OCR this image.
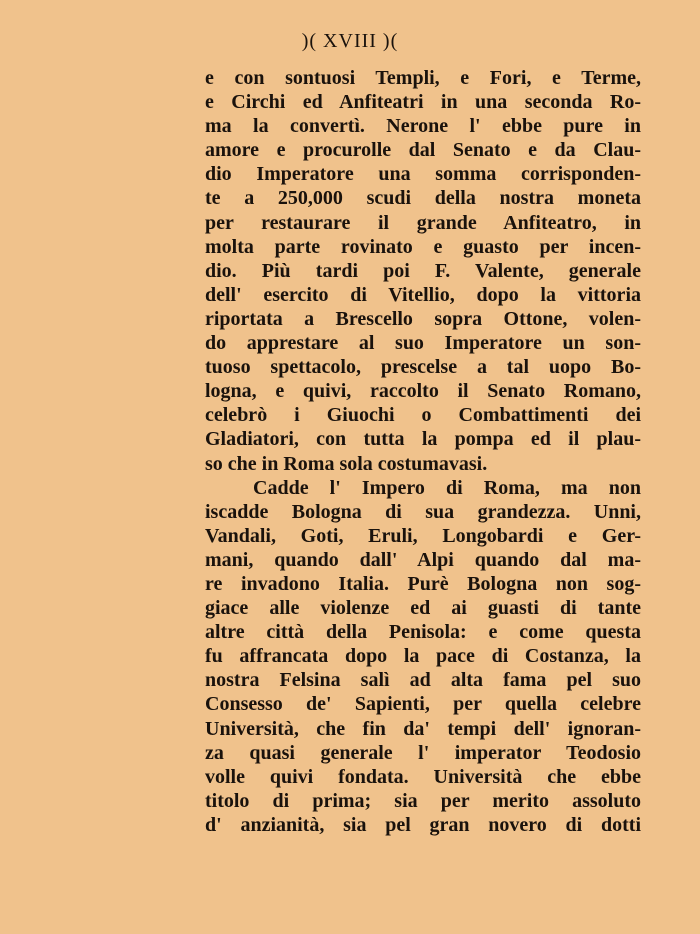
)( XVIII )(
e con sontuosi Templi, e Fori, e Terme,
e Circhi ed Anfiteatri in una seconda Ro-
ma la convertì. Nerone l' ebbe pure in
amore e procurolle dal Senato e da Clau-
dio Imperatore una somma corrisponden-
te a 250,000 scudi della nostra moneta
per restaurare il grande Anfiteatro, in
molta parte rovinato e guasto per incen-
dio. Più tardi poi F. Valente, generale
dell' esercito di Vitellio, dopo la vittoria
riportata a Brescello sopra Ottone, volen-
do apprestare al suo Imperatore un son-
tuoso spettacolo, prescelse a tal uopo Bo-
logna, e quivi, raccolto il Senato Romano,
celebrò i Giuochi o Combattimenti dei
Gladiatori, con tutta la pompa ed il plau-
so che in Roma sola costumavasi.
Cadde l' Impero di Roma, ma non
iscadde Bologna di sua grandezza. Unni,
Vandali, Goti, Eruli, Longobardi e Ger-
mani, quando dall' Alpi quando dal ma-
re invadono Italia. Purè Bologna non sog-
giace alle violenze ed ai guasti di tante
altre città della Penisola: e come questa
fu affrancata dopo la pace di Costanza, la
nostra Felsina salì ad alta fama pel suo
Consesso de' Sapienti, per quella celebre
Università, che fin da' tempi dell' ignoran-
za quasi generale l' imperator Teodosio
volle quivi fondata. Università che ebbe
titolo di prima; sia per merito assoluto
d' anzianità, sia pel gran novero di dotti
